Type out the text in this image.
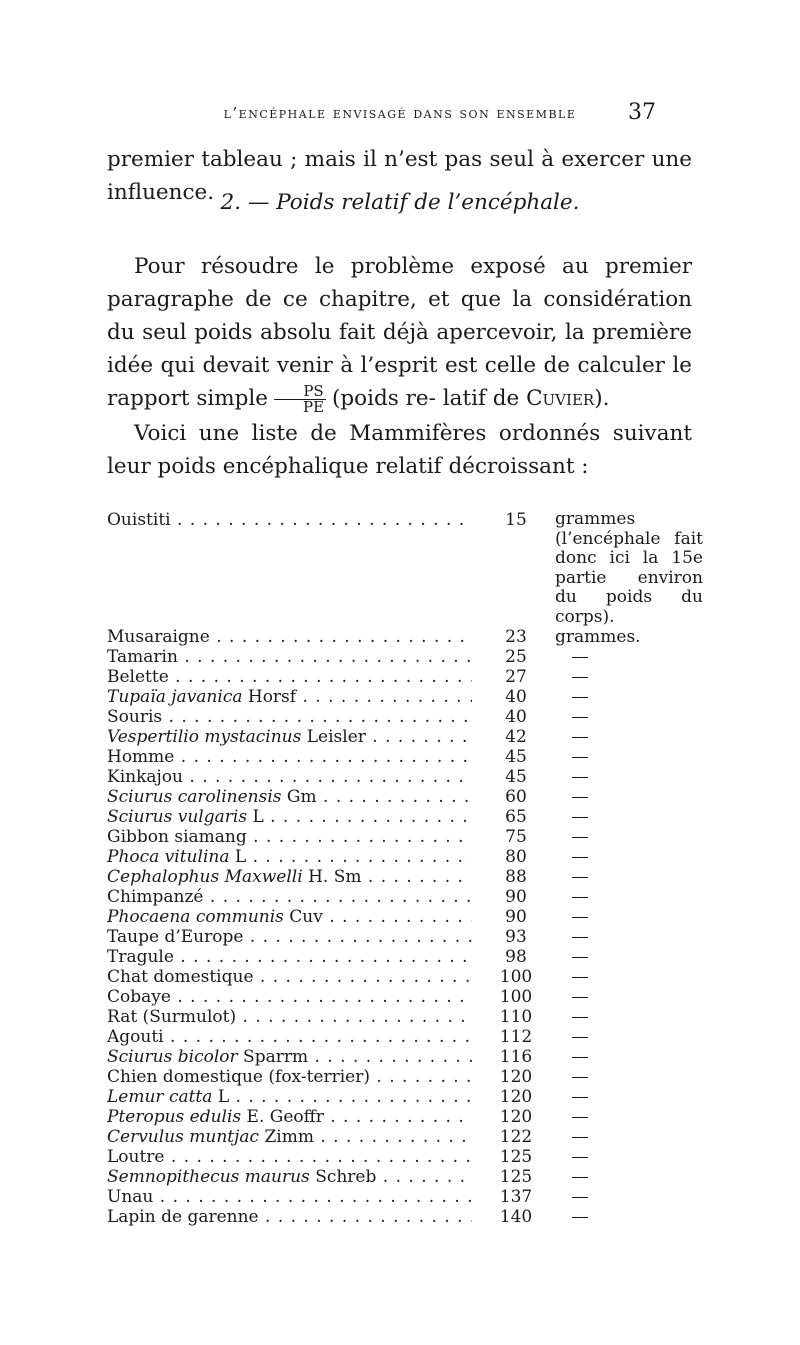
l’encéphale envisagé dans son ensemble	37

premier tableau ; mais il n’est pas seul à exercer une influence. 2. — Poids relatif de l’encéphale.

Pour résoudre le problème exposé au premier paragraphe de ce chapitre, et que la considération du seul poids absolu fait déjà apercevoir, la première idée qui devait venir à l’esprit est celle de calculer le rapport simple $\frac{PS}{PE}$ (poids re- latif de Cuvier).

Voici une liste de Mammifères ordonnés suivant leur poids encéphalique relatif décroissant :

Ouistiti . . .	15	grammes (l’encéphale fait donc ici la 15e partie environ du poids du corps).
Musaraigne . . .	23	grammes.
Tamarin . . .	25
Belette . . .	27
Tupaïa javanica Horsf . . .	40
Souris . . .	40
Vespertilio mystacinus Leisler . . .	42
Homme . . .	45
Kinkajou . . .	45
Sciurus carolinensis Gm . . .	60
Sciurus vulgaris L . . .	65
Gibbon siamang . . .	75
Phoca vitulina L . . .	80
Cephalophus Maxwelli H. Sm . . .	88
Chimpanzé . . .	90
Phocaena communis Cuv . . .	90
Taupe d’Europe . . .	93
Tragule . . .	98
Chat domestique . . .	100
Cobaye . . .	100
Rat (Surmulot) . . .	110
Agouti . . .	112
Sciurus bicolor Sparrm . . .	116
Chien domestique (fox-terrier) . . .	120
Lemur catta L . . .	120
Pteropus edulis E. Geoffr . . .	120
Cervulus muntjac Zimm . . .	122
Loutre . . .	125
Semnopithecus maurus Schreb . . .	125
Unau . . .	137
Lapin de garenne . . .	140
